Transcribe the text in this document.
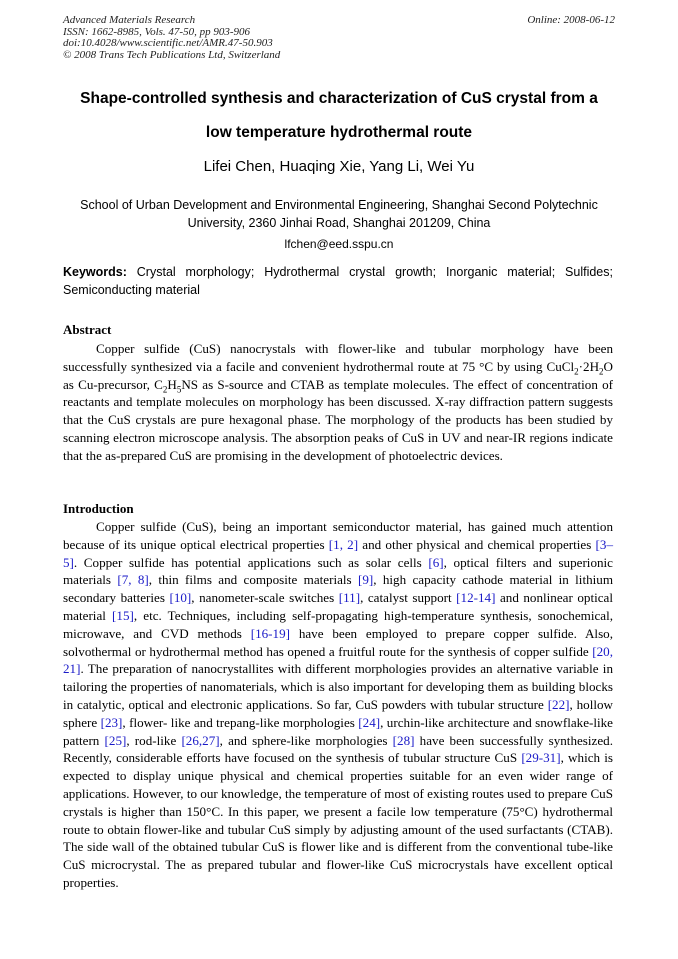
Advanced Materials Research
ISSN: 1662-8985, Vols. 47-50, pp 903-906
doi:10.4028/www.scientific.net/AMR.47-50.903
© 2008 Trans Tech Publications Ltd, Switzerland
Online: 2008-06-12
Shape-controlled synthesis and characterization of CuS crystal from a
low temperature hydrothermal route
Lifei Chen, Huaqing Xie, Yang Li, Wei Yu
School of Urban Development and Environmental Engineering, Shanghai Second Polytechnic University, 2360 Jinhai Road, Shanghai 201209, China
lfchen@eed.sspu.cn
Keywords: Crystal morphology; Hydrothermal crystal growth; Inorganic material; Sulfides; Semiconducting material
Abstract

Copper sulfide (CuS) nanocrystals with flower-like and tubular morphology have been successfully synthesized via a facile and convenient hydrothermal route at 75 °C by using $CuCl_2\cdot 2H_2O$ as Cu-precursor, $C_2H_5NS$ as S-source and CTAB as template molecules. The effect of concentration of reactants and template molecules on morphology has been discussed. X-ray diffraction pattern suggests that the CuS crystals are pure hexagonal phase. The morphology of the products has been studied by scanning electron microscope analysis. The absorption peaks of CuS in UV and near-IR regions indicate that the as-prepared CuS are promising in the development of photoelectric devices.

Introduction

Copper sulfide (CuS), being an important semiconductor material, has gained much attention because of its unique optical electrical properties [1, 2] and other physical and chemical properties [3–5]. Copper sulfide has potential applications such as solar cells [6], optical filters and superionic materials [7, 8], thin films and composite materials [9], high capacity cathode material in lithium secondary batteries [10], nanometer-scale switches [11], catalyst support [12-14] and nonlinear optical material [15], etc. Techniques, including self-propagating high-temperature synthesis, sonochemical, microwave, and CVD methods [16-19] have been employed to prepare copper sulfide. Also, solvothermal or hydrothermal method has opened a fruitful route for the synthesis of copper sulfide [20, 21]. The preparation of nanocrystallites with different morphologies provides an alternative variable in tailoring the properties of nanomaterials, which is also important for developing them as building blocks in catalytic, optical and electronic applications. So far, CuS powders with tubular structure [22], hollow sphere [23], flower- like and trepang-like morphologies [24], urchin-like architecture and snowflake-like pattern [25], rod-like [26,27], and sphere-like morphologies [28] have been successfully synthesized. Recently, considerable efforts have focused on the synthesis of tubular structure CuS [29-31], which is expected to display unique physical and chemical properties suitable for an even wider range of applications. However, to our knowledge, the temperature of most of existing routes used to prepare CuS crystals is higher than 150°C. In this paper, we present a facile low temperature (75°C) hydrothermal route to obtain flower-like and tubular CuS simply by adjusting amount of the used surfactants (CTAB). The side wall of the obtained tubular CuS is flower like and is different from the conventional tube-like CuS microcrystal. The as prepared tubular and flower-like CuS microcrystals have excellent optical properties.
